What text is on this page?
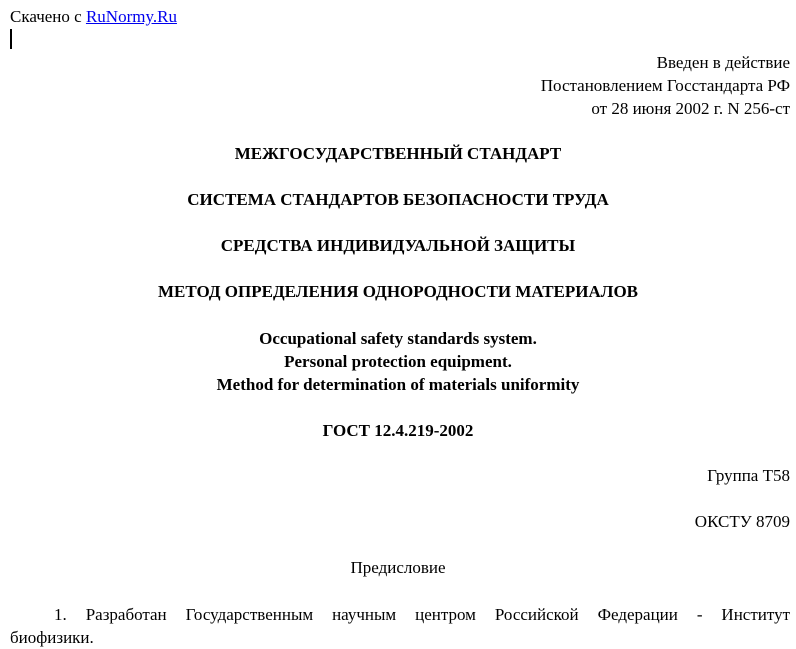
Скачено с RuNormy.Ru
Введен в действие
Постановлением Госстандарта РФ
от 28 июня 2002 г. N 256-ст
МЕЖГОСУДАРСТВЕННЫЙ СТАНДАРТ
СИСТЕМА СТАНДАРТОВ БЕЗОПАСНОСТИ ТРУДА
СРЕДСТВА ИНДИВИДУАЛЬНОЙ ЗАЩИТЫ
МЕТОД ОПРЕДЕЛЕНИЯ ОДНОРОДНОСТИ МАТЕРИАЛОВ
Occupational safety standards system.
Personal protection equipment.
Method for determination of materials uniformity
ГОСТ 12.4.219-2002
Группа Т58
ОКСТУ 8709
Предисловие
1. Разработан Государственным научным центром Российской Федерации - Институт
биофизики.
